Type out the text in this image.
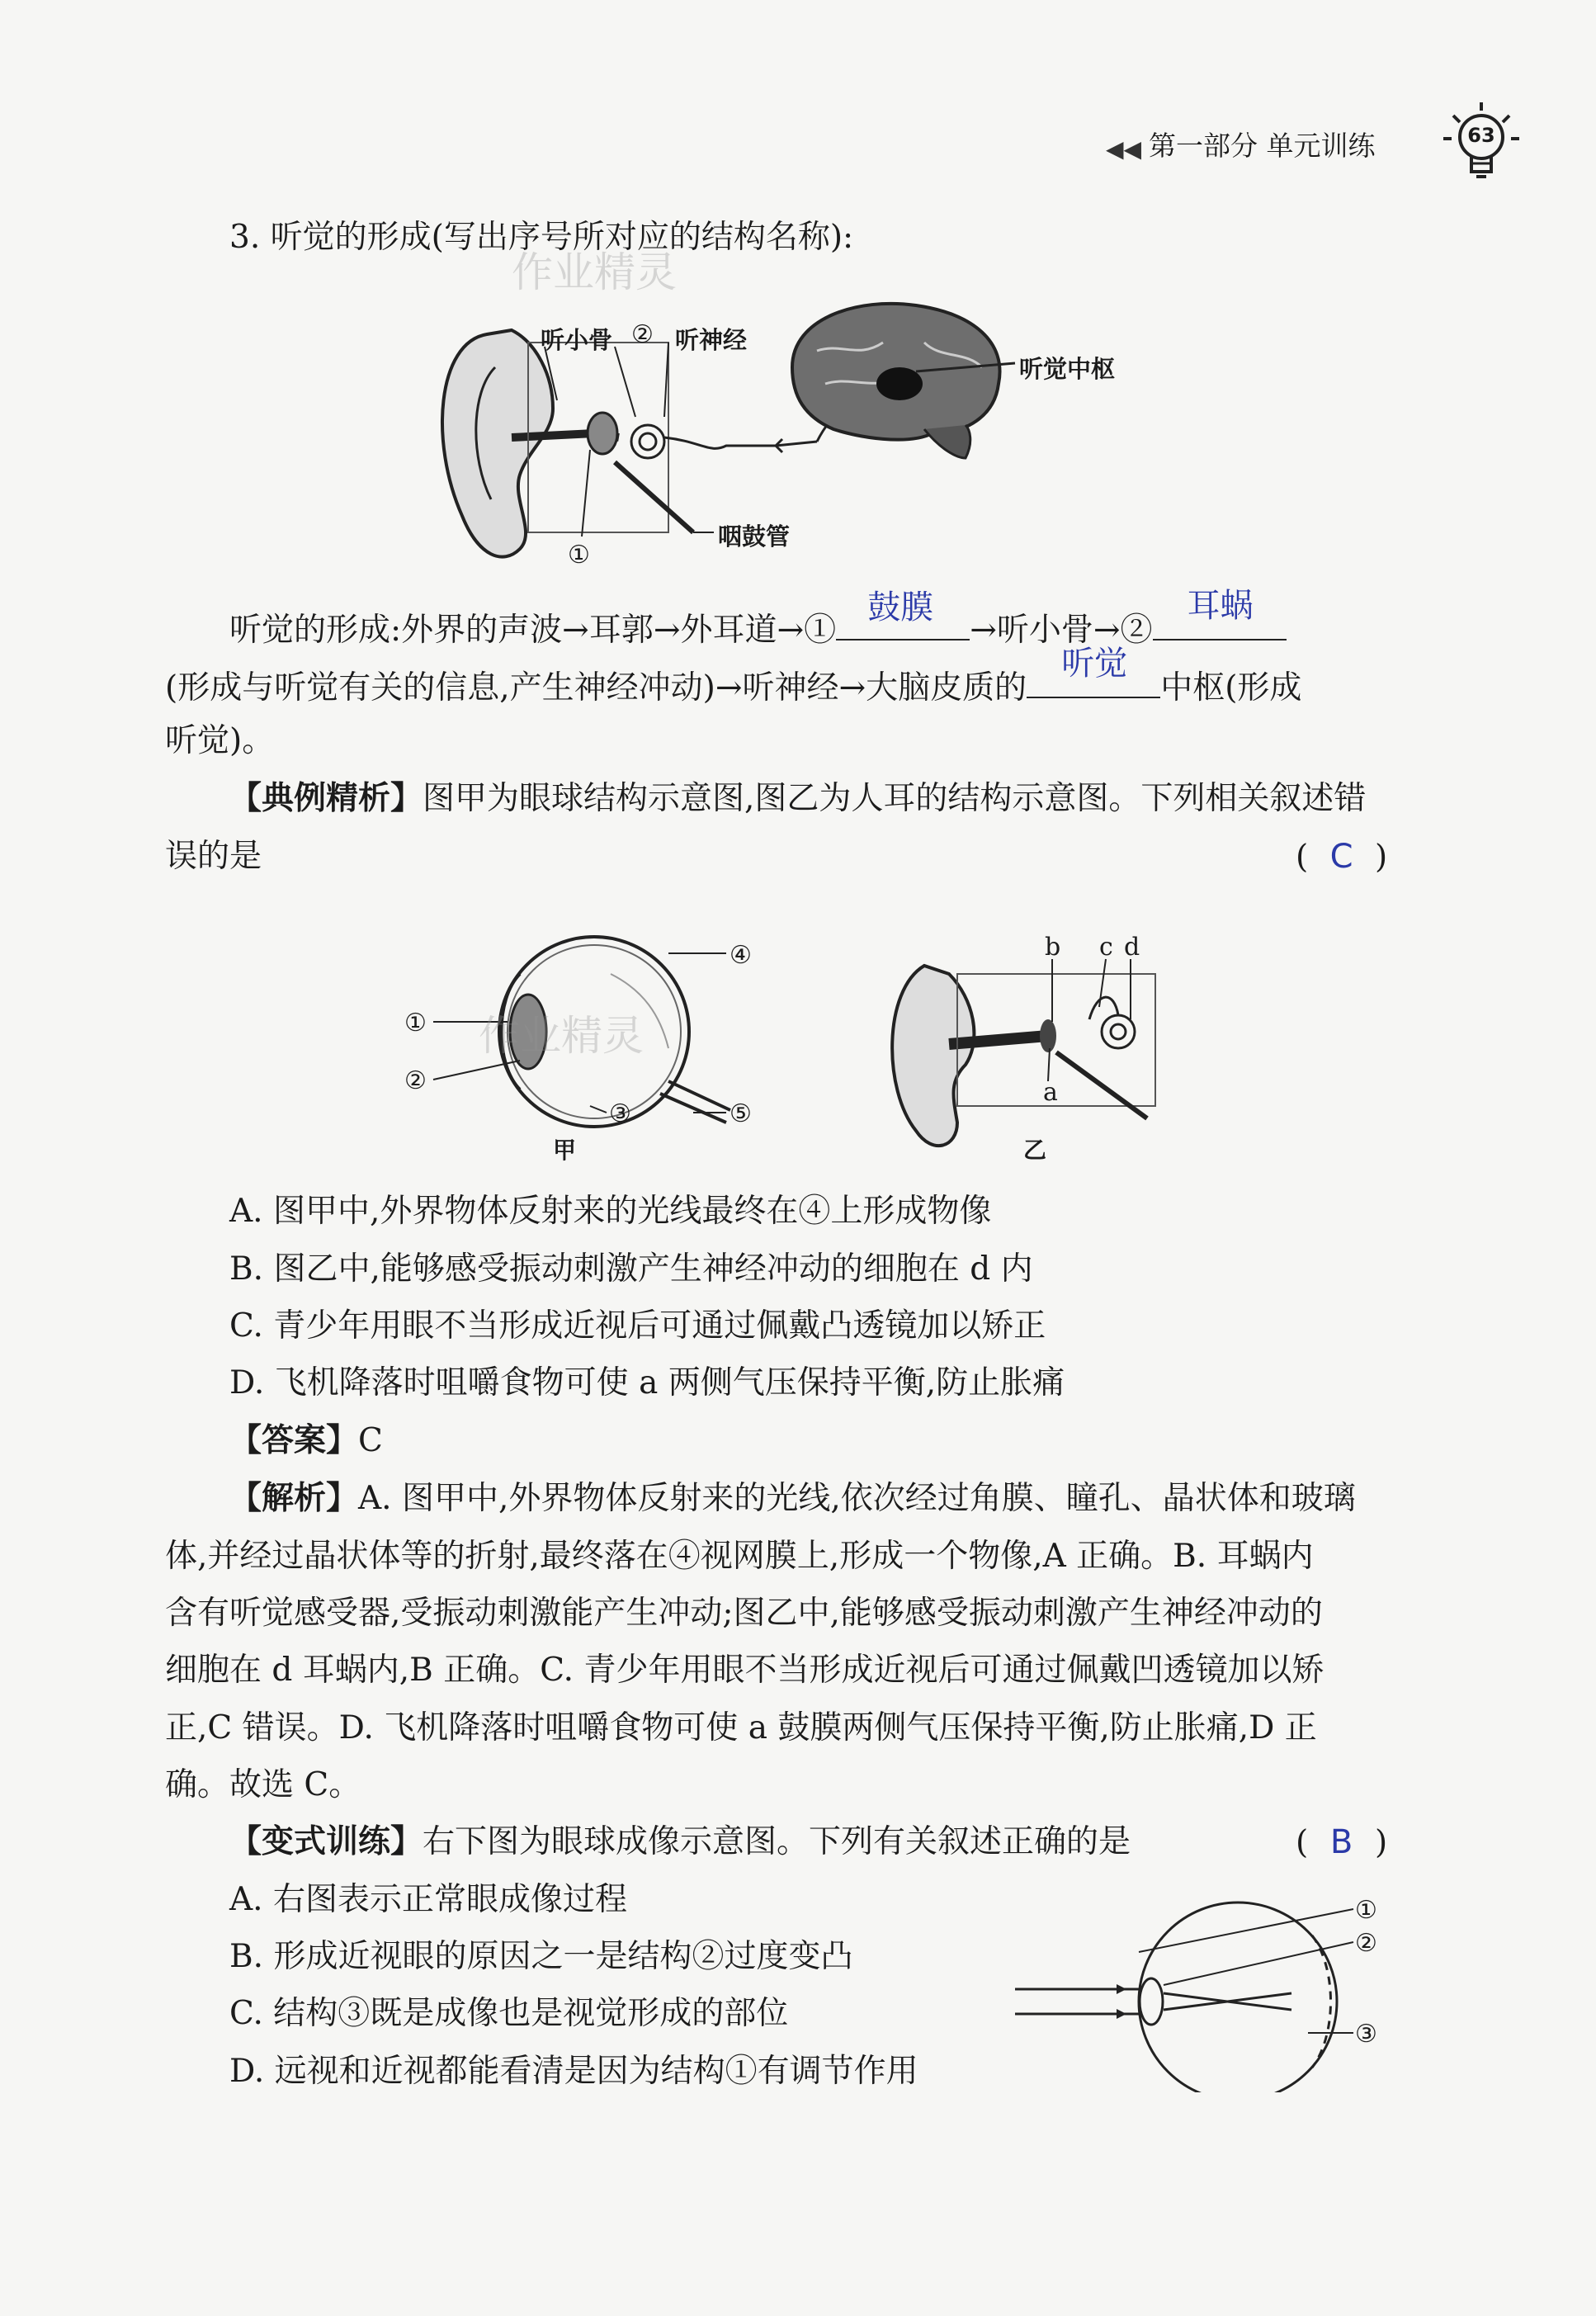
◀◀ 第一部分 单元训练	63
3. 听觉的形成(写出序号所对应的结构名称):
作业精灵
听小骨 ② 听神经
听觉中枢
①
咽鼓管
听觉的形成:外界的声波→耳郭→外耳道→①
鼓膜
→听小骨→②
耳蜗
(形成与听觉有关的信息,产生神经冲动)→听神经→大脑皮质的
听觉
中枢(形成
听觉)。
【典例精析】图甲为眼球结构示意图,图乙为人耳的结构示意图。下列相关叙述错
误的是	( C )
①
②
③
④
⑤
甲
作业精灵
b c d
a
乙
A. 图甲中,外界物体反射来的光线最终在④上形成物像
B. 图乙中,能够感受振动刺激产生神经冲动的细胞在 d 内
C. 青少年用眼不当形成近视后可通过佩戴凸透镜加以矫正
D. 飞机降落时咀嚼食物可使 a 两侧气压保持平衡,防止胀痛
【答案】C
【解析】A. 图甲中,外界物体反射来的光线,依次经过角膜、瞳孔、晶状体和玻璃
体,并经过晶状体等的折射,最终落在④视网膜上,形成一个物像,A 正确。B. 耳蜗内
含有听觉感受器,受振动刺激能产生冲动;图乙中,能够感受振动刺激产生神经冲动的
细胞在 d 耳蜗内,B 正确。C. 青少年用眼不当形成近视后可通过佩戴凹透镜加以矫
正,C 错误。D. 飞机降落时咀嚼食物可使 a 鼓膜两侧气压保持平衡,防止胀痛,D 正
确。故选 C。
【变式训练】右下图为眼球成像示意图。下列有关叙述正确的是	( B )
A. 右图表示正常眼成像过程
B. 形成近视眼的原因之一是结构②过度变凸
C. 结构③既是成像也是视觉形成的部位
D. 远视和近视都能看清是因为结构①有调节作用
①
②
③
